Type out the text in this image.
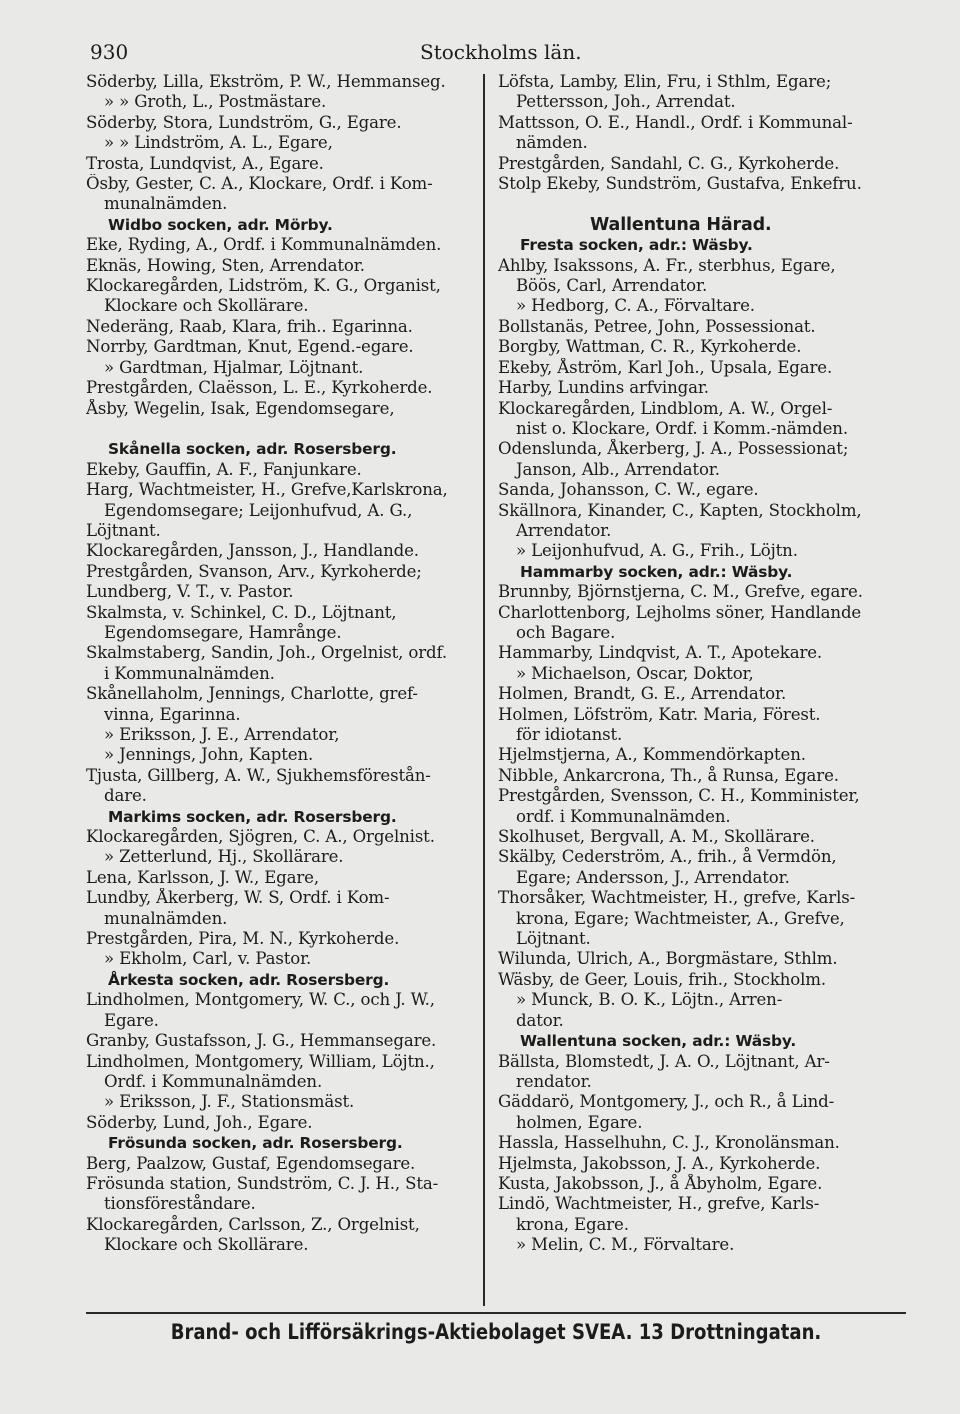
930	Stockholms län.
Söderby, Lilla, Ekström, P. W., Hemmanseg.
» » Groth, L., Postmästare.
Söderby, Stora, Lundström, G., Egare.
» » Lindström, A. L., Egare,
Trosta, Lundqvist, A., Egare.
Ösby, Gester, C. A., Klockare, Ordf. i Kom-
munalnämden.
Widbo socken, adr. Mörby.
Eke, Ryding, A., Ordf. i Kommunalnämden.
Eknäs, Howing, Sten, Arrendator.
Klockaregården, Lidström, K. G., Organist,
Klockare och Skollärare.
Nederäng, Raab, Klara, frih.. Egarinna.
Norrby, Gardtman, Knut, Egend.-egare.
» Gardtman, Hjalmar, Löjtnant.
Prestgården, Claësson, L. E., Kyrkoherde.
Åsby, Wegelin, Isak, Egendomsegare,
Skånella socken, adr. Rosersberg.
Ekeby, Gauffin, A. F., Fanjunkare.
Harg, Wachtmeister, H., Grefve,Karlskrona,
Egendomsegare; Leijonhufvud, A. G.,
Löjtnant.
Klockaregården, Jansson, J., Handlande.
Prestgården, Svanson, Arv., Kyrkoherde;
Lundberg, V. T., v. Pastor.
Skalmsta, v. Schinkel, C. D., Löjtnant,
Egendomsegare, Hamrånge.
Skalmstaberg, Sandin, Joh., Orgelnist, ordf.
i Kommunalnämden.
Skånellaholm, Jennings, Charlotte, gref-
vinna, Egarinna.
» Eriksson, J. E., Arrendator,
» Jennings, John, Kapten.
Tjusta, Gillberg, A. W., Sjukhemsförestån-
dare.
Markims socken, adr. Rosersberg.
Klockaregården, Sjögren, C. A., Orgelnist.
» Zetterlund, Hj., Skollärare.
Lena, Karlsson, J. W., Egare,
Lundby, Åkerberg, W. S, Ordf. i Kom-
munalnämden.
Prestgården, Pira, M. N., Kyrkoherde.
» Ekholm, Carl, v. Pastor.
Årkesta socken, adr. Rosersberg.
Lindholmen, Montgomery, W. C., och J. W.,
Egare.
Granby, Gustafsson, J. G., Hemmansegare.
Lindholmen, Montgomery, William, Löjtn.,
Ordf. i Kommunalnämden.
» Eriksson, J. F., Stationsmäst.
Söderby, Lund, Joh., Egare.
Frösunda socken, adr. Rosersberg.
Berg, Paalzow, Gustaf, Egendomsegare.
Frösunda station, Sundström, C. J. H., Sta-
tionsföreståndare.
Klockaregården, Carlsson, Z., Orgelnist,
Klockare och Skollärare.
Löfsta, Lamby, Elin, Fru, i Sthlm, Egare;
Pettersson, Joh., Arrendat.
Mattsson, O. E., Handl., Ordf. i Kommunal-
nämden.
Prestgården, Sandahl, C. G., Kyrkoherde.
Stolp Ekeby, Sundström, Gustafva, Enkefru.
Wallentuna Härad.
Fresta socken, adr.: Wäsby.
Ahlby, Isakssons, A. Fr., sterbhus, Egare,
Böös, Carl, Arrendator.
» Hedborg, C. A., Förvaltare.
Bollstanäs, Petree, John, Possessionat.
Borgby, Wattman, C. R., Kyrkoherde.
Ekeby, Åström, Karl Joh., Upsala, Egare.
Harby, Lundins arfvingar.
Klockaregården, Lindblom, A. W., Orgel-
nist o. Klockare, Ordf. i Komm.-nämden.
Odenslunda, Åkerberg, J. A., Possessionat;
Janson, Alb., Arrendator.
Sanda, Johansson, C. W., egare.
Skällnora, Kinander, C., Kapten, Stockholm,
Arrendator.
» Leijonhufvud, A. G., Frih., Löjtn.
Hammarby socken, adr.: Wäsby.
Brunnby, Björnstjerna, C. M., Grefve, egare.
Charlottenborg, Lejholms söner, Handlande
och Bagare.
Hammarby, Lindqvist, A. T., Apotekare.
» Michaelson, Oscar, Doktor,
Holmen, Brandt, G. E., Arrendator.
Holmen, Löfström, Katr. Maria, Förest.
för idiotanst.
Hjelmstjerna, A., Kommendörkapten.
Nibble, Ankarcrona, Th., å Runsa, Egare.
Prestgården, Svensson, C. H., Komminister,
ordf. i Kommunalnämden.
Skolhuset, Bergvall, A. M., Skollärare.
Skälby, Cederström, A., frih., å Vermdön,
Egare; Andersson, J., Arrendator.
Thorsåker, Wachtmeister, H., grefve, Karls-
krona, Egare; Wachtmeister, A., Grefve,
Löjtnant.
Wilunda, Ulrich, A., Borgmästare, Sthlm.
Wäsby, de Geer, Louis, frih., Stockholm.
» Munck, B. O. K., Löjtn., Arren-
dator.
Wallentuna socken, adr.: Wäsby.
Bällsta, Blomstedt, J. A. O., Löjtnant, Ar-
rendator.
Gäddarö, Montgomery, J., och R., å Lind-
holmen, Egare.
Hassla, Hasselhuhn, C. J., Kronolänsman.
Hjelmsta, Jakobsson, J. A., Kyrkoherde.
Kusta, Jakobsson, J., å Åbyholm, Egare.
Lindö, Wachtmeister, H., grefve, Karls-
krona, Egare.
» Melin, C. M., Förvaltare.
Brand- och Lifförsäkrings-Aktiebolaget SVEA. 13 Drottningatan.
